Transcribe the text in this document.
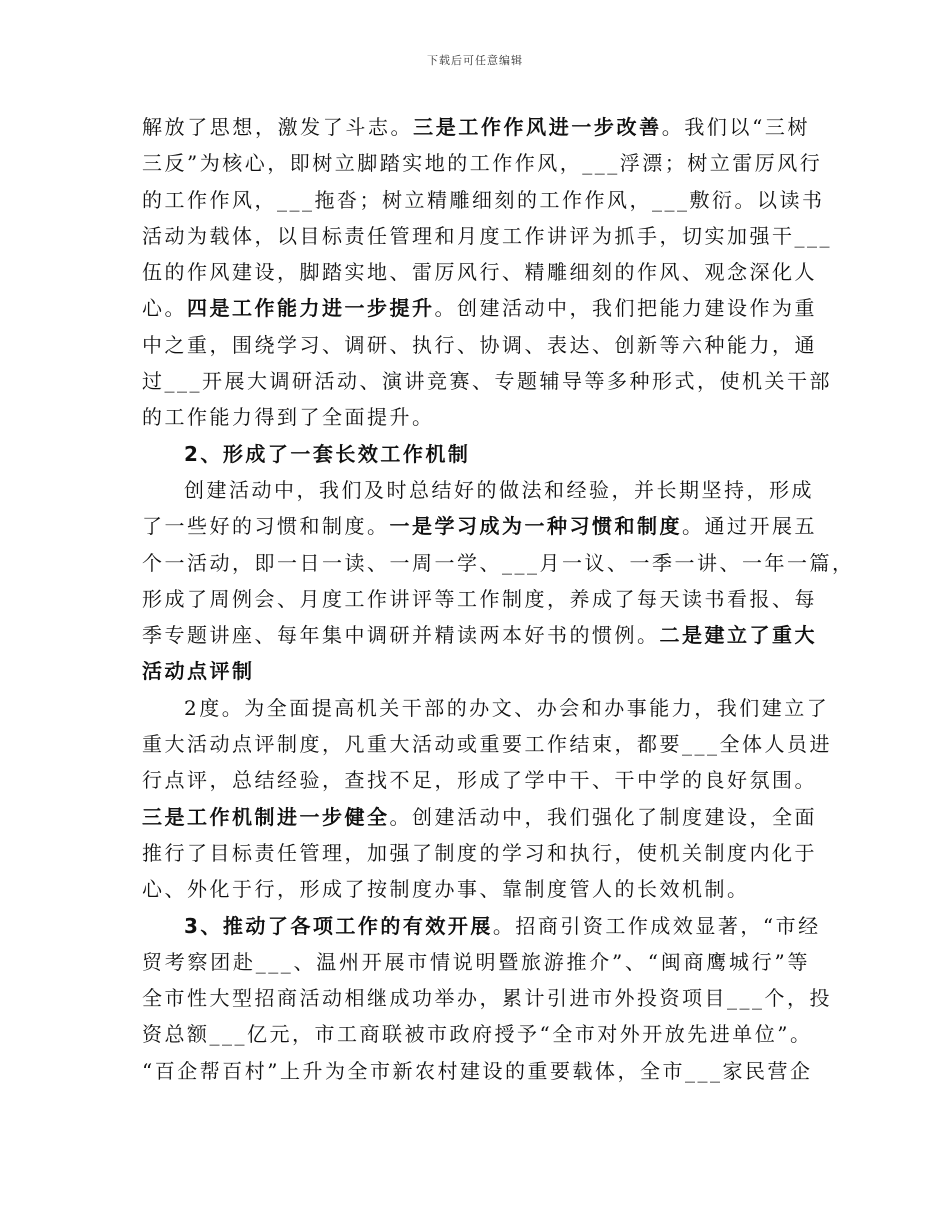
下载后可任意编辑
解放了思想，激发了斗志。三是工作作风进一步改善。我们以“三树
三反”为核心，即树立脚踏实地的工作作风，___浮漂；树立雷厉风行
的工作作风，___拖沓；树立精雕细刻的工作作风，___敷衍。以读书
活动为载体，以目标责任管理和月度工作讲评为抓手，切实加强干___
伍的作风建设，脚踏实地、雷厉风行、精雕细刻的作风、观念深化人
心。四是工作能力进一步提升。创建活动中，我们把能力建设作为重
中之重，围绕学习、调研、执行、协调、表达、创新等六种能力，通
过___开展大调研活动、演讲竞赛、专题辅导等多种形式，使机关干部
的工作能力得到了全面提升。
2、形成了一套长效工作机制
创建活动中，我们及时总结好的做法和经验，并长期坚持，形成
了一些好的习惯和制度。一是学习成为一种习惯和制度。通过开展五
个一活动，即一日一读、一周一学、___月一议、一季一讲、一年一篇，
形成了周例会、月度工作讲评等工作制度，养成了每天读书看报、每
季专题讲座、每年集中调研并精读两本好书的惯例。二是建立了重大
活动点评制
2度。为全面提高机关干部的办文、办会和办事能力，我们建立了
重大活动点评制度，凡重大活动或重要工作结束，都要___全体人员进
行点评，总结经验，查找不足，形成了学中干、干中学的良好氛围。
三是工作机制进一步健全。创建活动中，我们强化了制度建设，全面
推行了目标责任管理，加强了制度的学习和执行，使机关制度内化于
心、外化于行，形成了按制度办事、靠制度管人的长效机制。
3、推动了各项工作的有效开展。招商引资工作成效显著，“市经
贸考察团赴___、温州开展市情说明暨旅游推介”、“闽商鹰城行”等
全市性大型招商活动相继成功举办，累计引进市外投资项目___个，投
资总额___亿元，市工商联被市政府授予“全市对外开放先进单位”。
“百企帮百村”上升为全市新农村建设的重要载体，全市___家民营企
